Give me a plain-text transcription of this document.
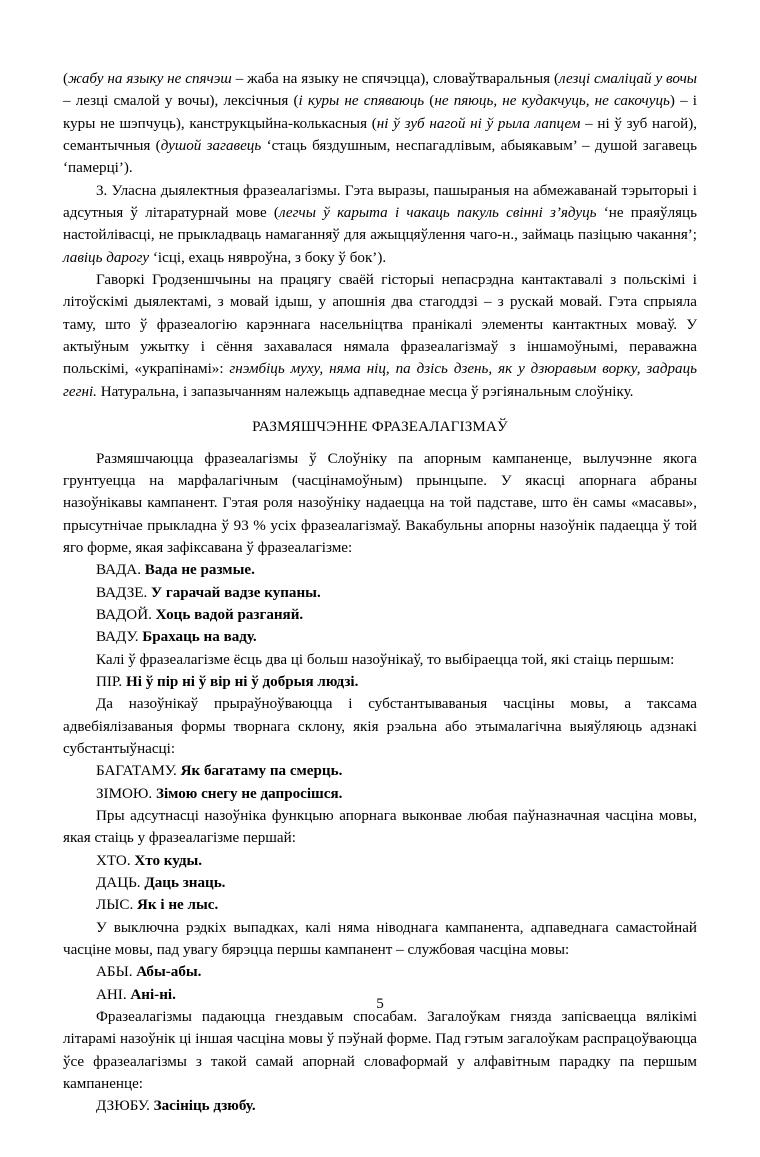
(жабу на языку не спячэш – жаба на языку не спячэцца), словаўтваральныя (лезці смаліцай у вочы – лезці смалой у вочы), лексічныя (і куры не спяваюць (не пяюць, не кудакчуць, не сакочуць) – і куры не шэпчуць), канструкцыйна-колькасныя (ні ў зуб нагой ні ў рыла лапцем – ні ў зуб нагой), семантычныя (душой загавець ‘стаць бяздушным, неспагадлівым, абыякавым’ – душой загавець ‘памерці’).

3. Уласна дыялектныя фразеалагізмы. Гэта выразы, пашыраныя на абмежаванай тэрыторыі і адсутныя ў літаратурнай мове (легчы ў карыта і чакаць пакуль свінні з’ядуць ‘не праяўляць настойлівасці, не прыкладваць намаганняў для ажыццяўлення чаго-н., займаць пазіцыю чакання’; лавіць дарогу ‘ісці, ехаць нявроўна, з боку ў бок’).

Гаворкі Гродзеншчыны на працягу сваёй гісторыі непасрэдна кантактавалі з польскімі і літоўскімі дыялектамі, з мовай ідыш, у апошнія два стагоддзі – з рускай мовай. Гэта спрыяла таму, што ў фразеалогію карэннага насельніцтва пранікалі элементы кантактных моваў. У актыўным ужытку і сёння захавалася нямала фразеалагізмаў з іншамоўнымі, пераважна польскімі, «украпінамі»: гнэмбіць муху, няма ніц, па дзісь дзень, як у дзюравым ворку, задраць гегні. Натуральна, і запазычанням належыць адпаведнае месца ў рэгіянальным слоўніку.

РАЗМЯШЧЭННЕ ФРАЗЕАЛАГІЗМАЎ

Размяшчаюцца фразеалагізмы ў Слоўніку па апорным кампаненце, вылучэнне якога грунтуецца на марфалагічным (часцінамоўным) прынцыпе. У якасці апорнага абраны назоўнікавы кампанент. Гэтая роля назоўніку надаецца на той падставе, што ён самы «масавы», прысутнічае прыкладна ў 93 % усіх фразеалагізмаў. Вакабульны апорны назоўнік падаецца ў той яго форме, якая зафіксавана ў фразеалагізме:

ВАДА. Вада не размые.

ВАДЗЕ. У гарачай вадзе купаны.

ВАДОЙ. Хоць вадой разганяй.

ВАДУ. Брахаць на ваду.

Калі ў фразеалагізме ёсць два ці больш назоўнікаў, то выбіраецца той, які стаіць першым:

ПІР. Ні ў пір ні ў вір ні ў добрыя людзі.

Да назоўнікаў прыраўноўваюцца і субстантываваныя часціны мовы, а таксама адвебіялізаваныя формы творнага склону, якія рэальна або этымалагічна выяўляюць адзнакі субстантыўнасці:

БАГАТАМУ. Як багатаму па смерць.

ЗІМОЮ. Зімою снегу не дапросішся.

Пры адсутнасці назоўніка функцыю апорнага выконвае любая паўназначная часціна мовы, якая стаіць у фразеалагізме першай:

ХТО. Хто куды.

ДАЦЬ. Даць знаць.

ЛЫС. Як і не лыс.

У выключна рэдкіх выпадках, калі няма ніводнага кампанента, адпаведнага самастойнай часціне мовы, пад увагу бярэцца першы кампанент – службовая часціна мовы:

АБЫ. Абы-абы.

АНІ. Ані-ні.

Фразеалагізмы падаюцца гнездавым спосабам. Загалоўкам гнязда запісваецца вялікімі літарамі назоўнік ці іншая часціна мовы ў пэўнай форме. Пад гэтым загалоўкам распрацоўваюцца ўсе фразеалагізмы з такой самай апорнай словаформай у алфавітным парадку па першым кампаненце:

ДЗЮБУ. Засініць дзюбу.

5
